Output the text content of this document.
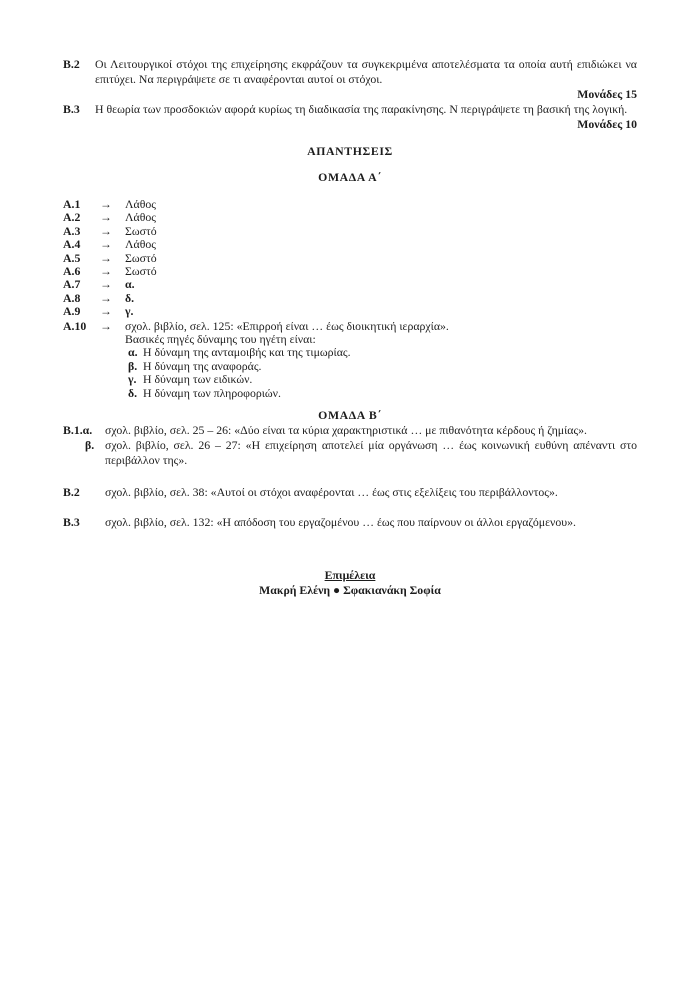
Β.2	Οι Λειτουργικοί στόχοι της επιχείρησης εκφράζουν τα συγκεκριμένα αποτελέσματα τα οποία αυτή επιδιώκει να επιτύχει. Να περιγράψετε σε τι αναφέρονται αυτοί οι στόχοι.
Μονάδες 15
Β.3	Η θεωρία των προσδοκιών αφορά κυρίως τη διαδικασία της παρακίνησης. Ν περιγράψετε τη βασική της λογική.
Μονάδες 10
ΑΠΑΝΤΗΣΕΙΣ
ΟΜΑΔΑ Α΄
Α.1	→	Λάθος
Α.2	→	Λάθος
Α.3	→	Σωστό
Α.4	→	Λάθος
Α.5	→	Σωστό
Α.6	→	Σωστό
Α.7	→	α.
Α.8	→	δ.
Α.9	→	γ.
Α.10	→	σχολ. βιβλίο, σελ. 125: «Επιρροή είναι … έως διοικητική ιεραρχία».
Βασικές πηγές δύναμης του ηγέτη είναι:
α. Η δύναμη της ανταμοιβής και της τιμωρίας.
β. Η δύναμη της αναφοράς.
γ. Η δύναμη των ειδικών.
δ. Η δύναμη των πληροφοριών.
ΟΜΑΔΑ Β΄
Β.1.α.	σχολ. βιβλίο, σελ. 25 – 26: «Δύο είναι τα κύρια χαρακτηριστικά … με πιθανότητα κέρδους ή ζημίας».
β. σχολ. βιβλίο, σελ. 26 – 27: «Η επιχείρηση αποτελεί μία οργάνωση … έως κοινωνική ευθύνη απέναντι στο περιβάλλον της».
Β.2	σχολ. βιβλίο, σελ. 38: «Αυτοί οι στόχοι αναφέρονται … έως στις εξελίξεις του περιβάλλοντος».
Β.3	σχολ. βιβλίο, σελ. 132: «Η απόδοση του εργαζομένου … έως που παίρνουν οι άλλοι εργαζόμενου».
Επιμέλεια
Μακρή Ελένη ● Σφακιανάκη Σοφία
